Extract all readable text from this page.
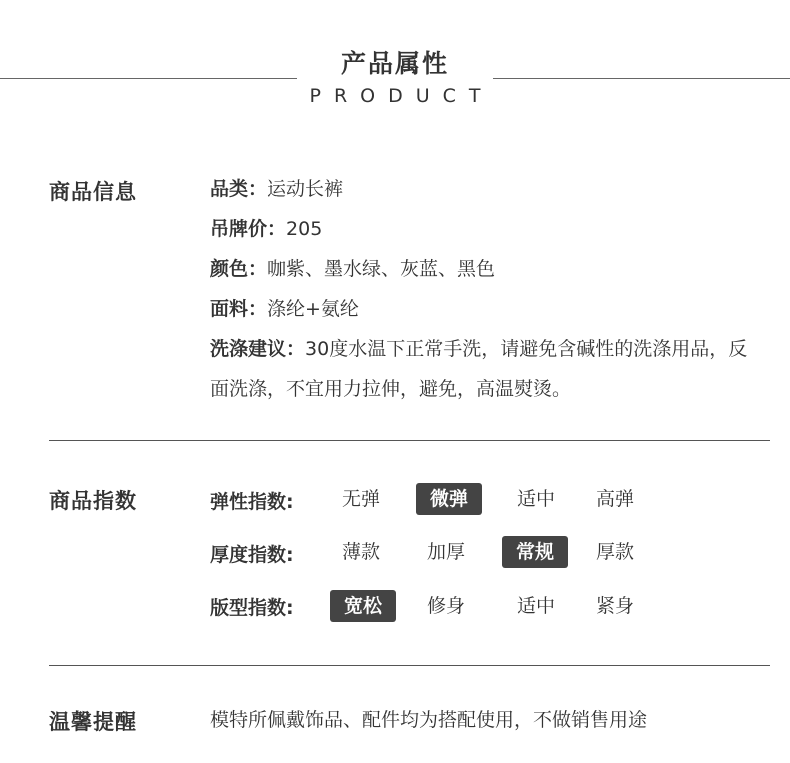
产品属性
PRODUCT
商品信息	品类：运动长裤
吊牌价：205
颜色：咖紫、墨水绿、灰蓝、黑色
面料：涤纶+氨纶
洗涤建议：30度水温下正常手洗，请避免含碱性的洗涤用品，反面洗涤，不宜用力拉伸，避免，高温熨烫。
商品指数	弹性指数:	无弹	微弹	适中	高弹
厚度指数:	薄款	加厚	常规	厚款
版型指数:	宽松	修身	适中	紧身
温馨提醒	模特所佩戴饰品、配件均为搭配使用，不做销售用途
